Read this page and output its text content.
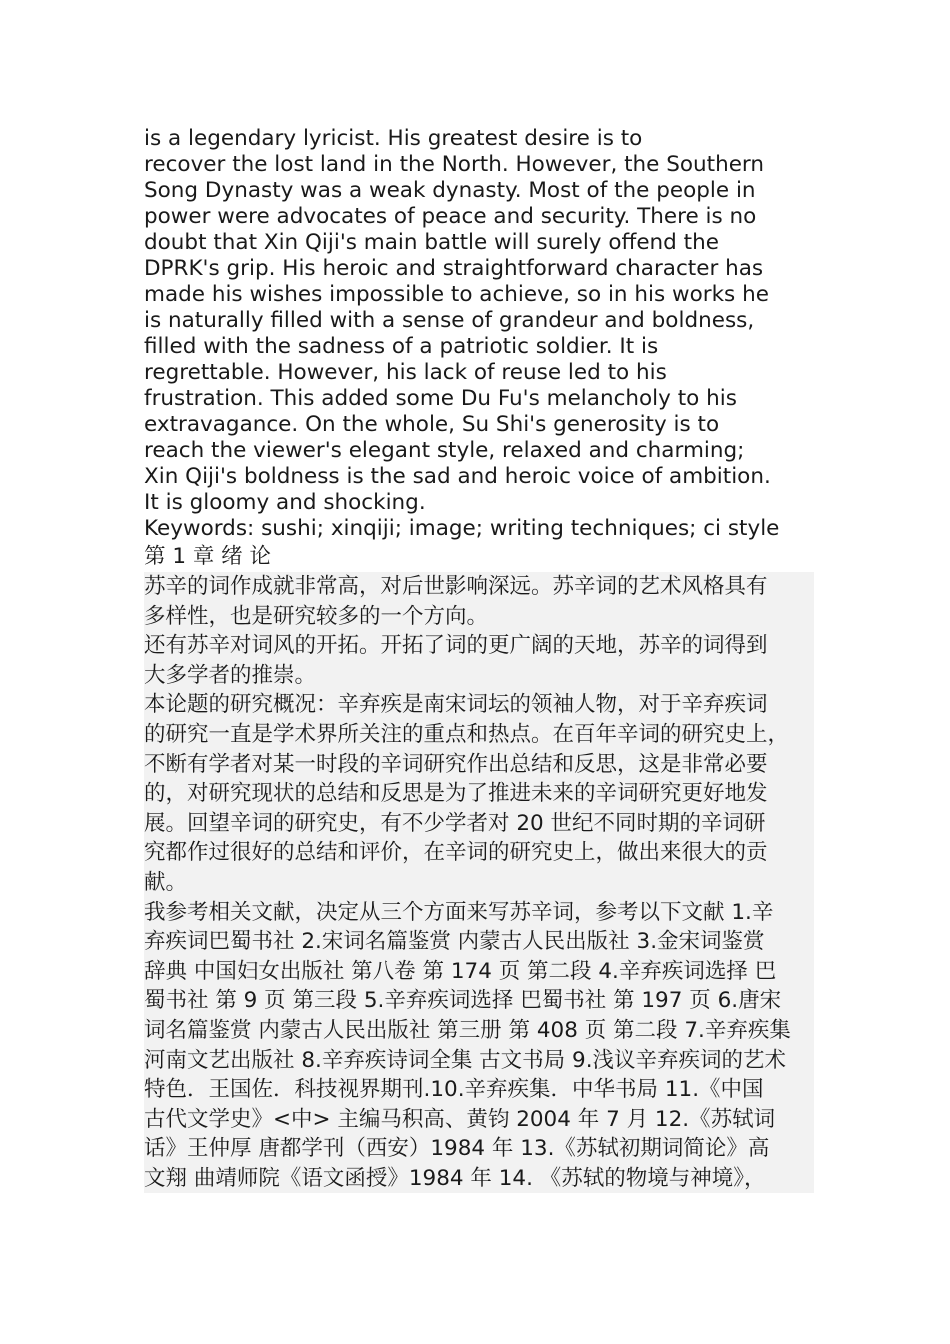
is a legendary lyricist. His greatest desire is to

recover the lost land in the North. However, the Southern

Song Dynasty was a weak dynasty. Most of the people in

power were advocates of peace and security. There is no

doubt that Xin Qiji's main battle will surely offend the

DPRK's grip. His heroic and straightforward character has

made his wishes impossible to achieve, so in his works he

is naturally filled with a sense of grandeur and boldness,

filled with the sadness of a patriotic soldier. It is

regrettable. However, his lack of reuse led to his

frustration. This added some Du Fu's melancholy to his

extravagance. On the whole, Su Shi's generosity is to

reach the viewer's elegant style, relaxed and charming;

Xin Qiji's boldness is the sad and heroic voice of ambition.

It is gloomy and shocking.

Keywords: sushi; xinqiji; image; writing techniques; ci style

第 1 章 绪 论

苏辛的词作成就非常高，对后世影响深远。苏辛词的艺术风格具有

多样性，也是研究较多的一个方向。

还有苏辛对词风的开拓。开拓了词的更广阔的天地，苏辛的词得到

大多学者的推崇。

本论题的研究概况：辛弃疾是南宋词坛的领袖人物，对于辛弃疾词

的研究一直是学术界所关注的重点和热点。在百年辛词的研究史上，

不断有学者对某一时段的辛词研究作出总结和反思，这是非常必要

的，对研究现状的总结和反思是为了推进未来的辛词研究更好地发

展。回望辛词的研究史，有不少学者对 20 世纪不同时期的辛词研

究都作过很好的总结和评价，在辛词的研究史上，做出来很大的贡

献。

我参考相关文献，决定从三个方面来写苏辛词，参考以下文献 1.辛

弃疾词巴蜀书社 2.宋词名篇鉴赏 内蒙古人民出版社 3.金宋词鉴赏

辞典 中国妇女出版社 第八卷 第 174 页 第二段 4.辛弃疾词选择 巴

蜀书社 第 9 页 第三段 5.辛弃疾词选择 巴蜀书社 第 197 页 6.唐宋

词名篇鉴赏 内蒙古人民出版社 第三册 第 408 页 第二段 7.辛弃疾集

河南文艺出版社 8.辛弃疾诗词全集 古文书局 9.浅议辛弃疾词的艺术

特色．王国佐．科技视界期刊.10.辛弃疾集．中华书局 11.《中国

古代文学史》<中> 主编马积高、黄钧 2004 年 7 月 12.《苏轼词

话》王仲厚 唐都学刊（西安）1984 年 13.《苏轼初期词简论》高

文翔 曲靖师院《语文函授》1984 年 14. 《苏轼的物境与神境》，
